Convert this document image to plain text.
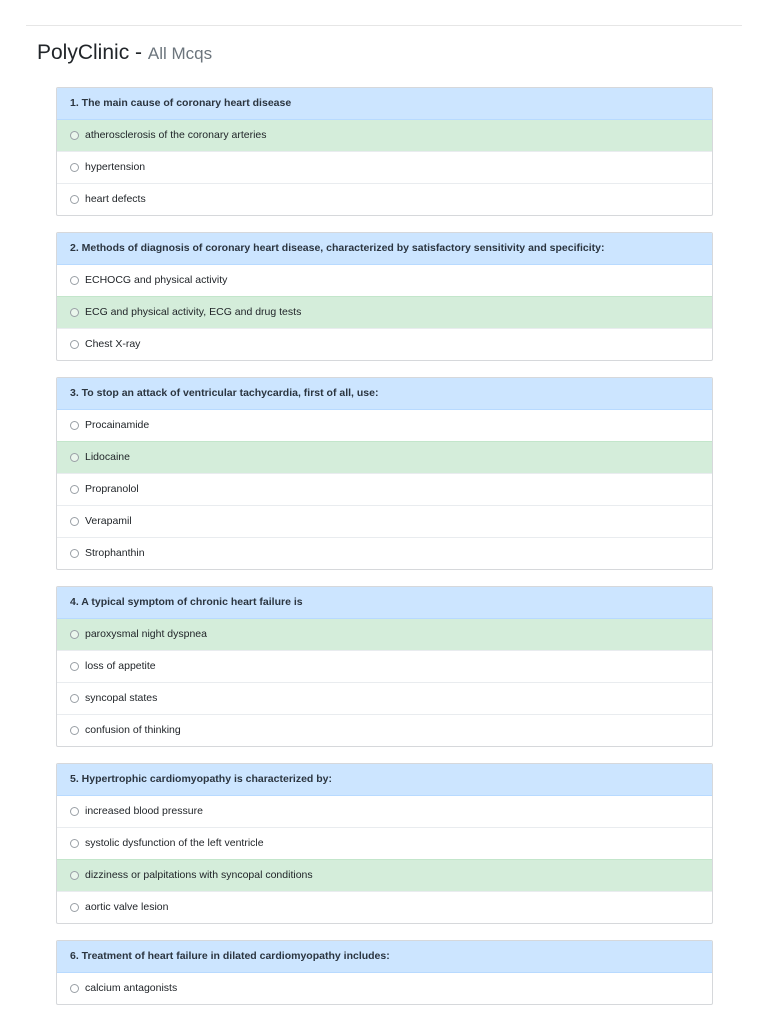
PolyClinic - All Mcqs
1. The main cause of coronary heart disease
atherosclerosis of the coronary arteries
hypertension
heart defects
2. Methods of diagnosis of coronary heart disease, characterized by satisfactory sensitivity and specificity:
ECHOCG and physical activity
ECG and physical activity, ECG and drug tests
Chest X-ray
3. To stop an attack of ventricular tachycardia, first of all, use:
Procainamide
Lidocaine
Propranolol
Verapamil
Strophanthin
4. A typical symptom of chronic heart failure is
paroxysmal night dyspnea
loss of appetite
syncopal states
confusion of thinking
5. Hypertrophic cardiomyopathy is characterized by:
increased blood pressure
systolic dysfunction of the left ventricle
dizziness or palpitations with syncopal conditions
aortic valve lesion
6. Treatment of heart failure in dilated cardiomyopathy includes:
calcium antagonists
